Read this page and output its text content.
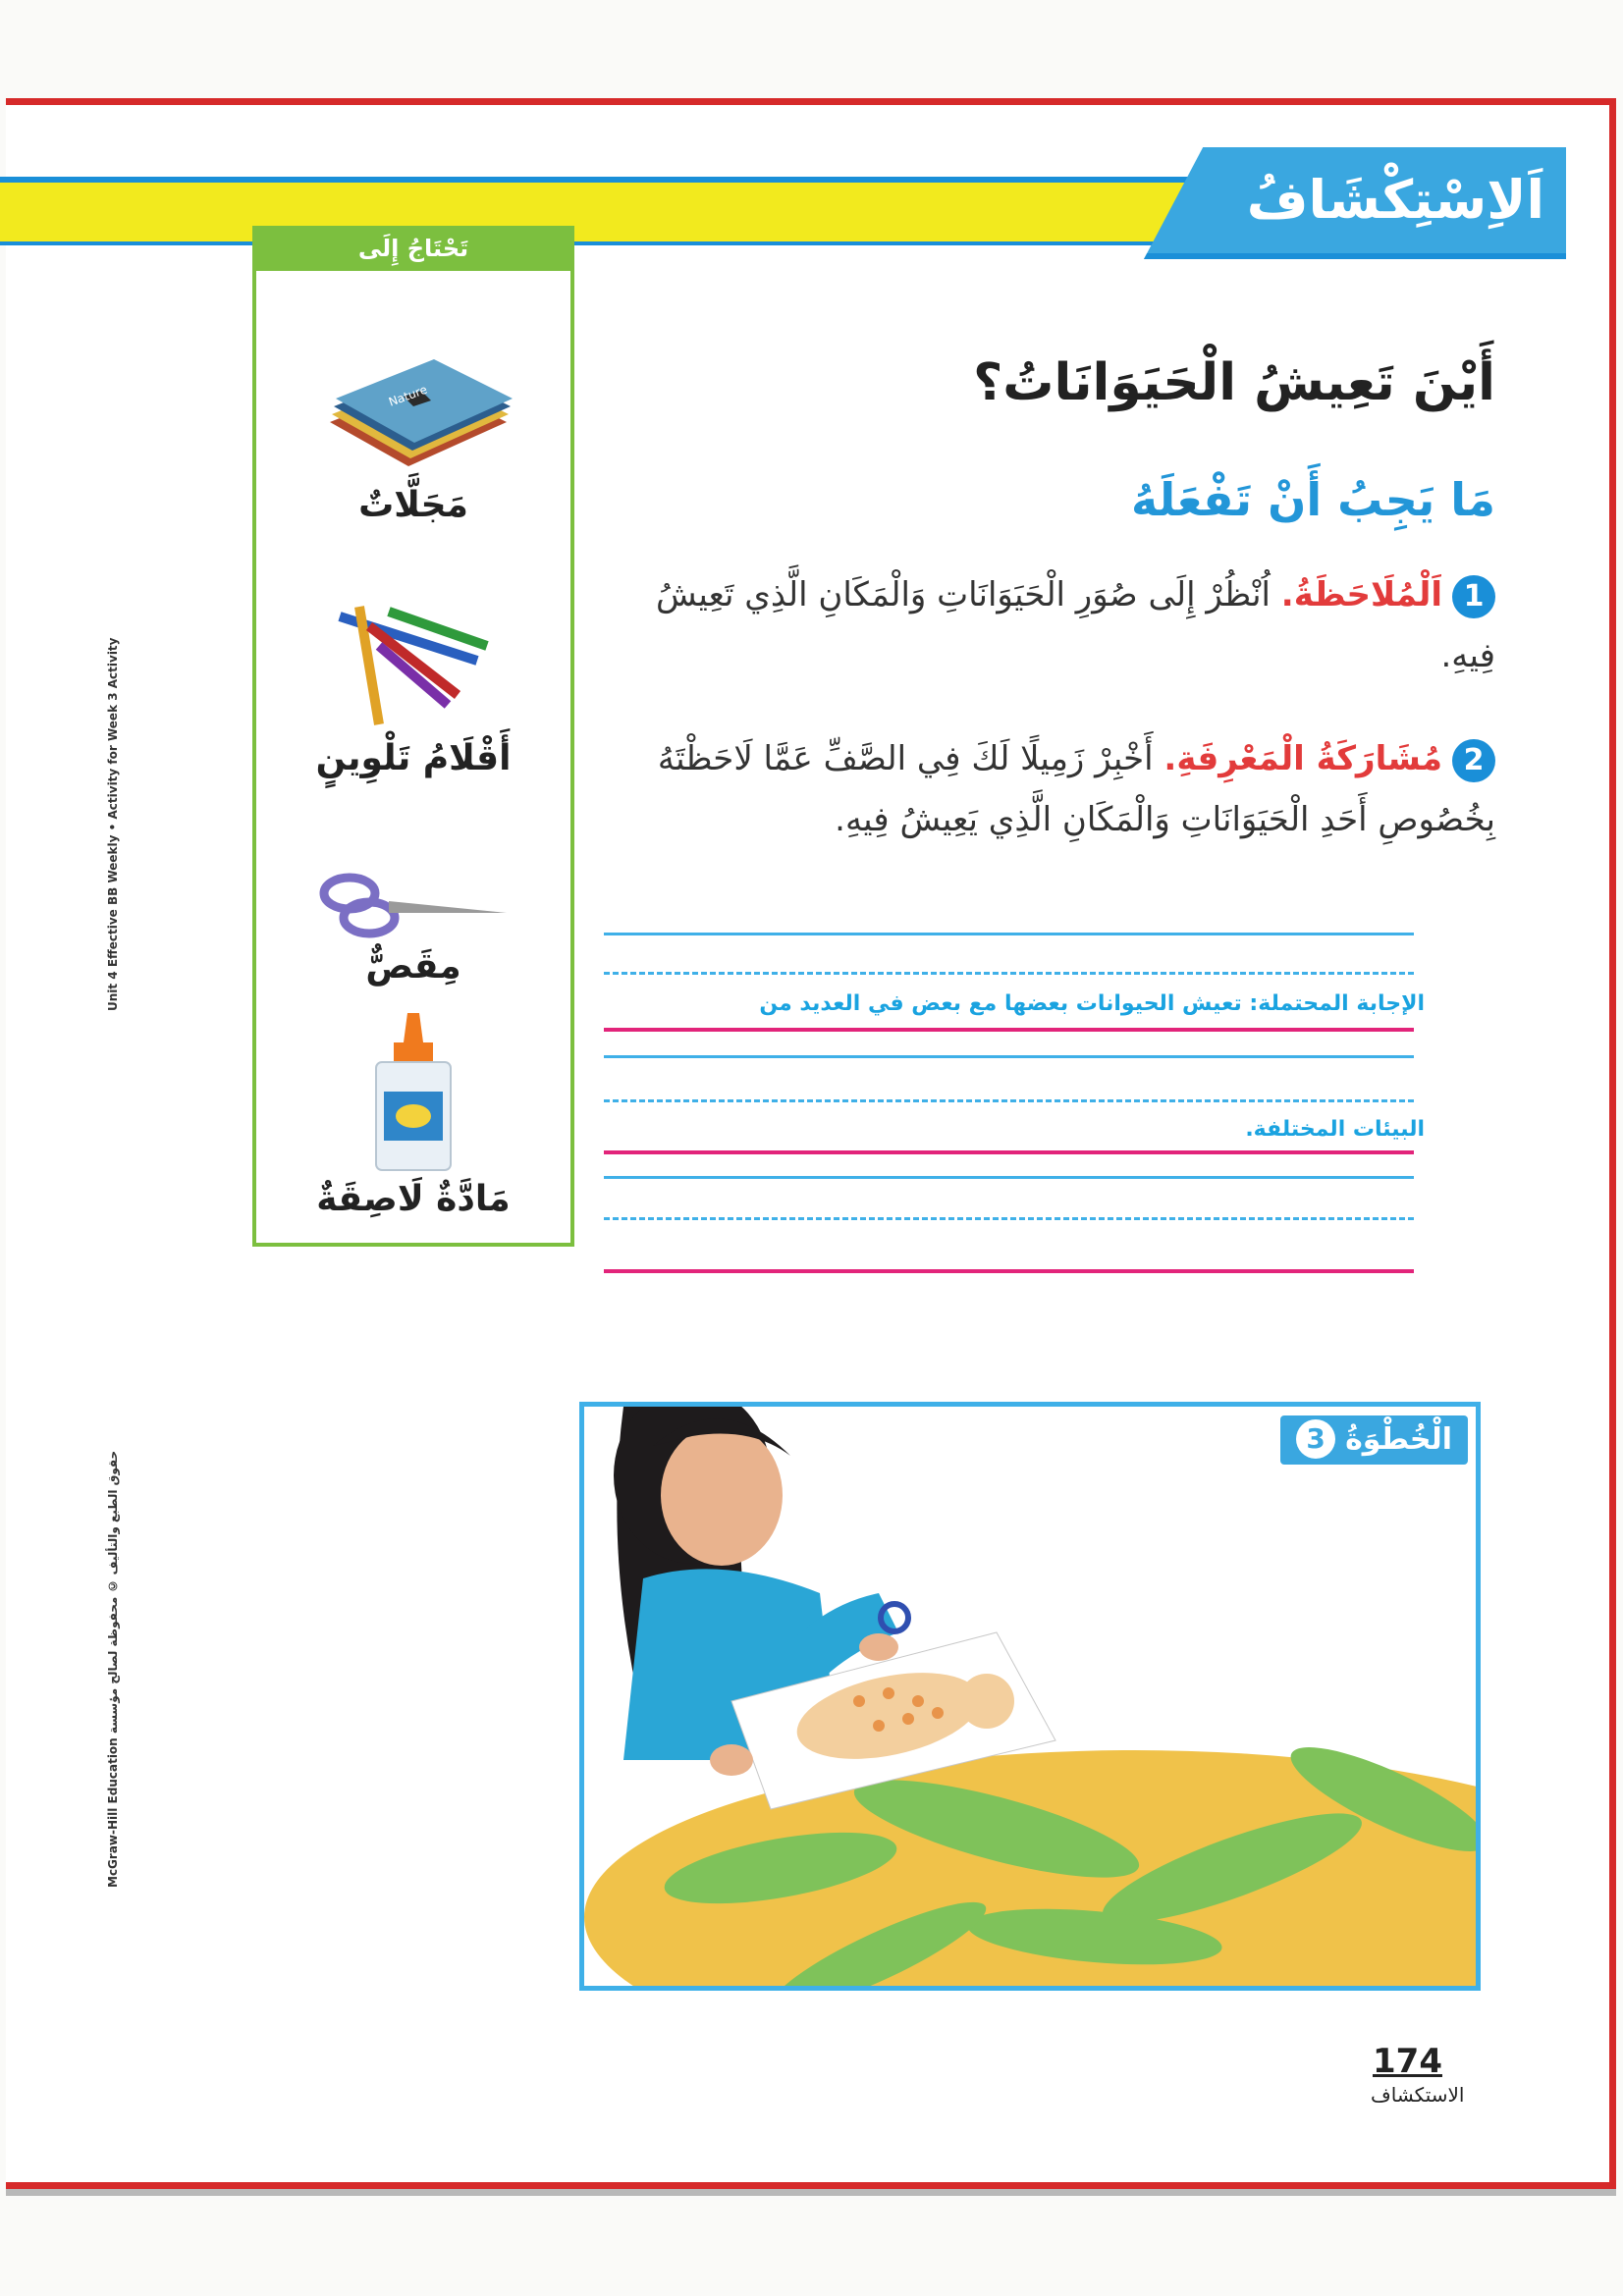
اَلاِسْتِكْشَافُ
تَحْتَاجُ إِلَى
Nature
مَجَلَّاتٌ
أَقْلَامُ تَلْوِينٍ
مِقَصٌّ
مَادَّةٌ لَاصِقَةٌ
Unit 4 Effective BB Weekly • Activity for Week 3 Activity
حقوق الطبع والتأليف © محفوظة لصالح مؤسسة McGraw-Hill Education
أَيْنَ تَعِيشُ الْحَيَوَانَاتُ؟
مَا يَجِبُ أَنْ تَفْعَلَهُ
1اَلْمُلَاحَظَةُ. اُنْظُرْ إِلَى صُوَرِ الْحَيَوَانَاتِ وَالْمَكَانِ الَّذِي تَعِيشُ فِيهِ.
2مُشَارَكَةُ الْمَعْرِفَةِ. أَخْبِرْ زَمِيلًا لَكَ فِي الصَّفِّ عَمَّا لَاحَظْتَهُ بِخُصُوصِ أَحَدِ الْحَيَوَانَاتِ وَالْمَكَانِ الَّذِي يَعِيشُ فِيهِ.
الإجابة المحتملة: تعيش الحيوانات بعضها مع بعض في العديد من
البيئات المختلفة.
الْخُطْوَةُ
3
174
الاستكشاف
